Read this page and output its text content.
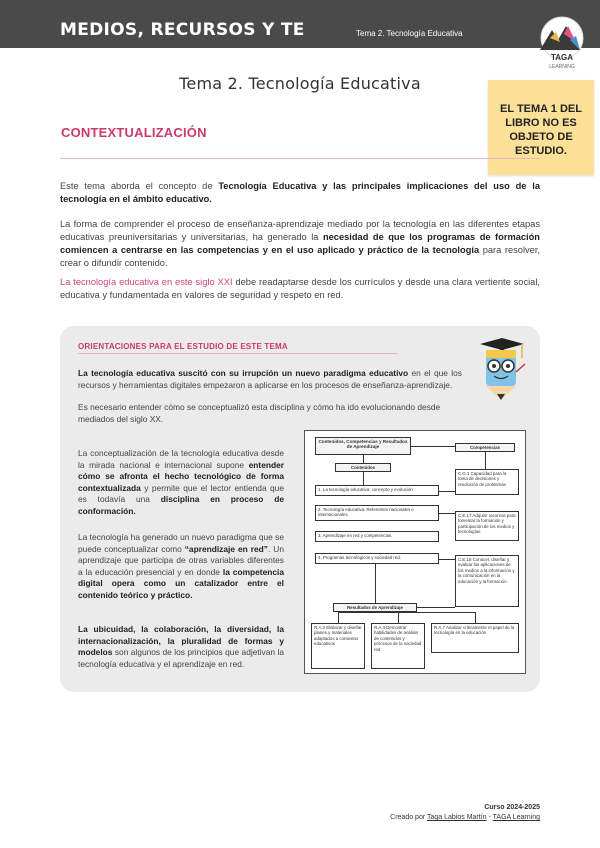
MEDIOS, RECURSOS Y TE	Tema 2. Tecnología Educativa
TAGA
LEARNING
Tema 2. Tecnología Educativa
EL TEMA 1 DEL
LIBRO NO ES
OBJETO DE
ESTUDIO.
CONTEXTUALIZACIÓN
Este tema aborda el concepto de Tecnología Educativa y las principales implicaciones del uso de la tecnología en el ámbito educativo.
La forma de comprender el proceso de enseñanza-aprendizaje mediado por la tecnología en las diferentes etapas educativas preuniversitarias y universitarias, ha generado la necesidad de que los programas de formación comiencen a centrarse en las competencias y en el uso aplicado y práctico de la tecnología para resolver, crear o difundir contenido.
La tecnología educativa en este siglo XXI debe readaptarse desde los currículos y desde una clara vertiente social, educativa y fundamentada en valores de seguridad y respeto en red.
ORIENTACIONES PARA EL ESTUDIO DE ESTE TEMA
La tecnología educativa suscitó con su irrupción un nuevo paradigma educativo en el que los recursos y herramientas digitales empezaron a aplicarse en los procesos de enseñanza-aprendizaje.
Es necesario entender cómo se conceptualizó esta disciplina y cómo ha ido evolucionando desde mediados del siglo XX.
La conceptualización de la tecnología educativa desde la mirada nacional e internacional supone entender cómo se afronta el hecho tecnológico de forma contextualizada y permite que el lector entienda que es todavía una disciplina en proceso de conformación.
La tecnología ha generado un nuevo paradigma que se puede conceptualizar como “aprendizaje en red”. Un aprendizaje que participa de otras variables diferentes a la educación presencial y en donde la competencia digital opera como un catalizador entre el contenido teórico y práctico.
La ubicuidad, la colaboración, la diversidad, la internacionalización, la pluralidad de formas y modelos son algunos de los principios que adjetivan la tecnología educativa y el aprendizaje en red.
Contenidos, Competencias y Resultados de Aprendizaje
Contenidos
Competencias
1. La tecnología educativa: concepto y evolución
2. Tecnología educativa. Referentes nacionales e internacionales.
3. Aprendizaje en red y competencias.
4. Programas tecnológicos y sociedad red.
C.G.1 Capacidad para la toma de decisiones y resolución de problemas
C.E.17 Adquirir recursos para fomentar la formación y participación de los medios y tecnologías
C.E.18 Conocer, diseñar y evaluar las aplicaciones de los medios a la información y la comunicación en la educación y la formación.
Resultados de Aprendizaje
R.A.3 Elaborar y diseñar planes y materiales adaptados a contextos educativos
R.A.4 Demostrar habilidades de análisis de contenidos y procesos de la sociedad red
R.A.7 Analizar críticamente el papel de la tecnología en la educación
Curso 2024-2025
Creado por Taga Labios Martín - TAGA Learning
